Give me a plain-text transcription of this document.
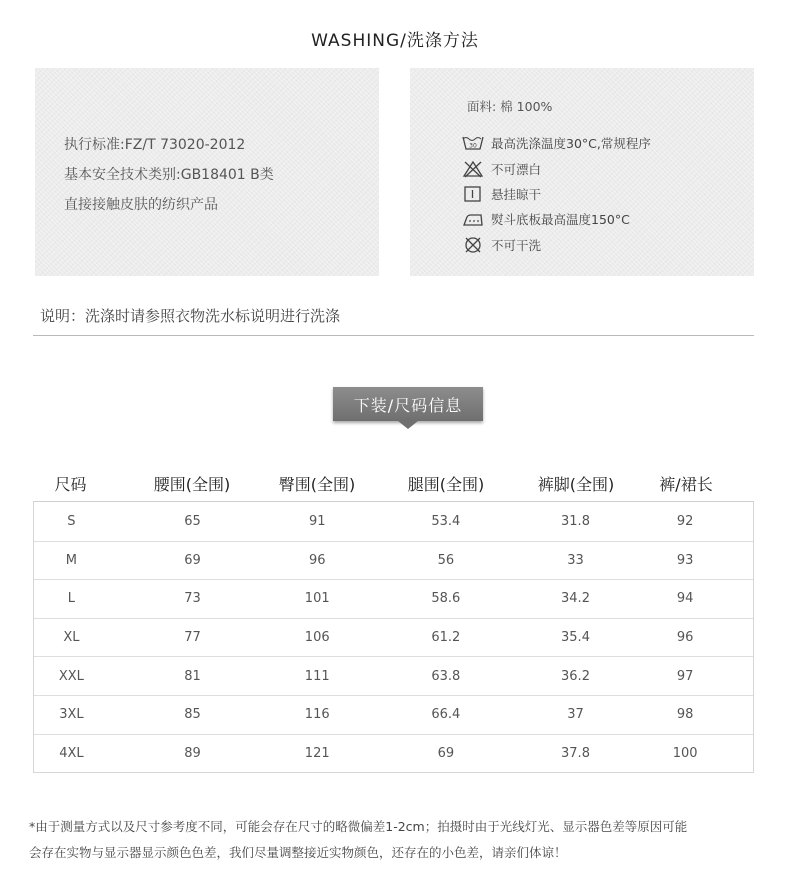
WASHING/洗涤方法
执行标准:FZ/T 73020-2012
基本安全技术类别:GB18401 B类
直接接触皮肤的纺织产品
面料: 棉 100%
30 最高洗涤温度30°C,常规程序
不可漂白
悬挂晾干
熨斗底板最高温度150°C
不可干洗
说明：洗涤时请参照衣物洗水标说明进行洗涤
下装/尺码信息
尺码	腰围(全围)	臀围(全围)	腿围(全围)	裤脚(全围)	裤/裙长
S	65	91	53.4	31.8	92
M	69	96	56	33	93
L	73	101	58.6	34.2	94
XL	77	106	61.2	35.4	96
XXL	81	111	63.8	36.2	97
3XL	85	116	66.4	37	98
4XL	89	121	69	37.8	100
*由于测量方式以及尺寸参考度不同，可能会存在尺寸的略微偏差1-2cm；拍摄时由于光线灯光、显示器色差等原因可能
会存在实物与显示器显示颜色色差，我们尽量调整接近实物颜色，还存在的小色差，请亲们体谅！
